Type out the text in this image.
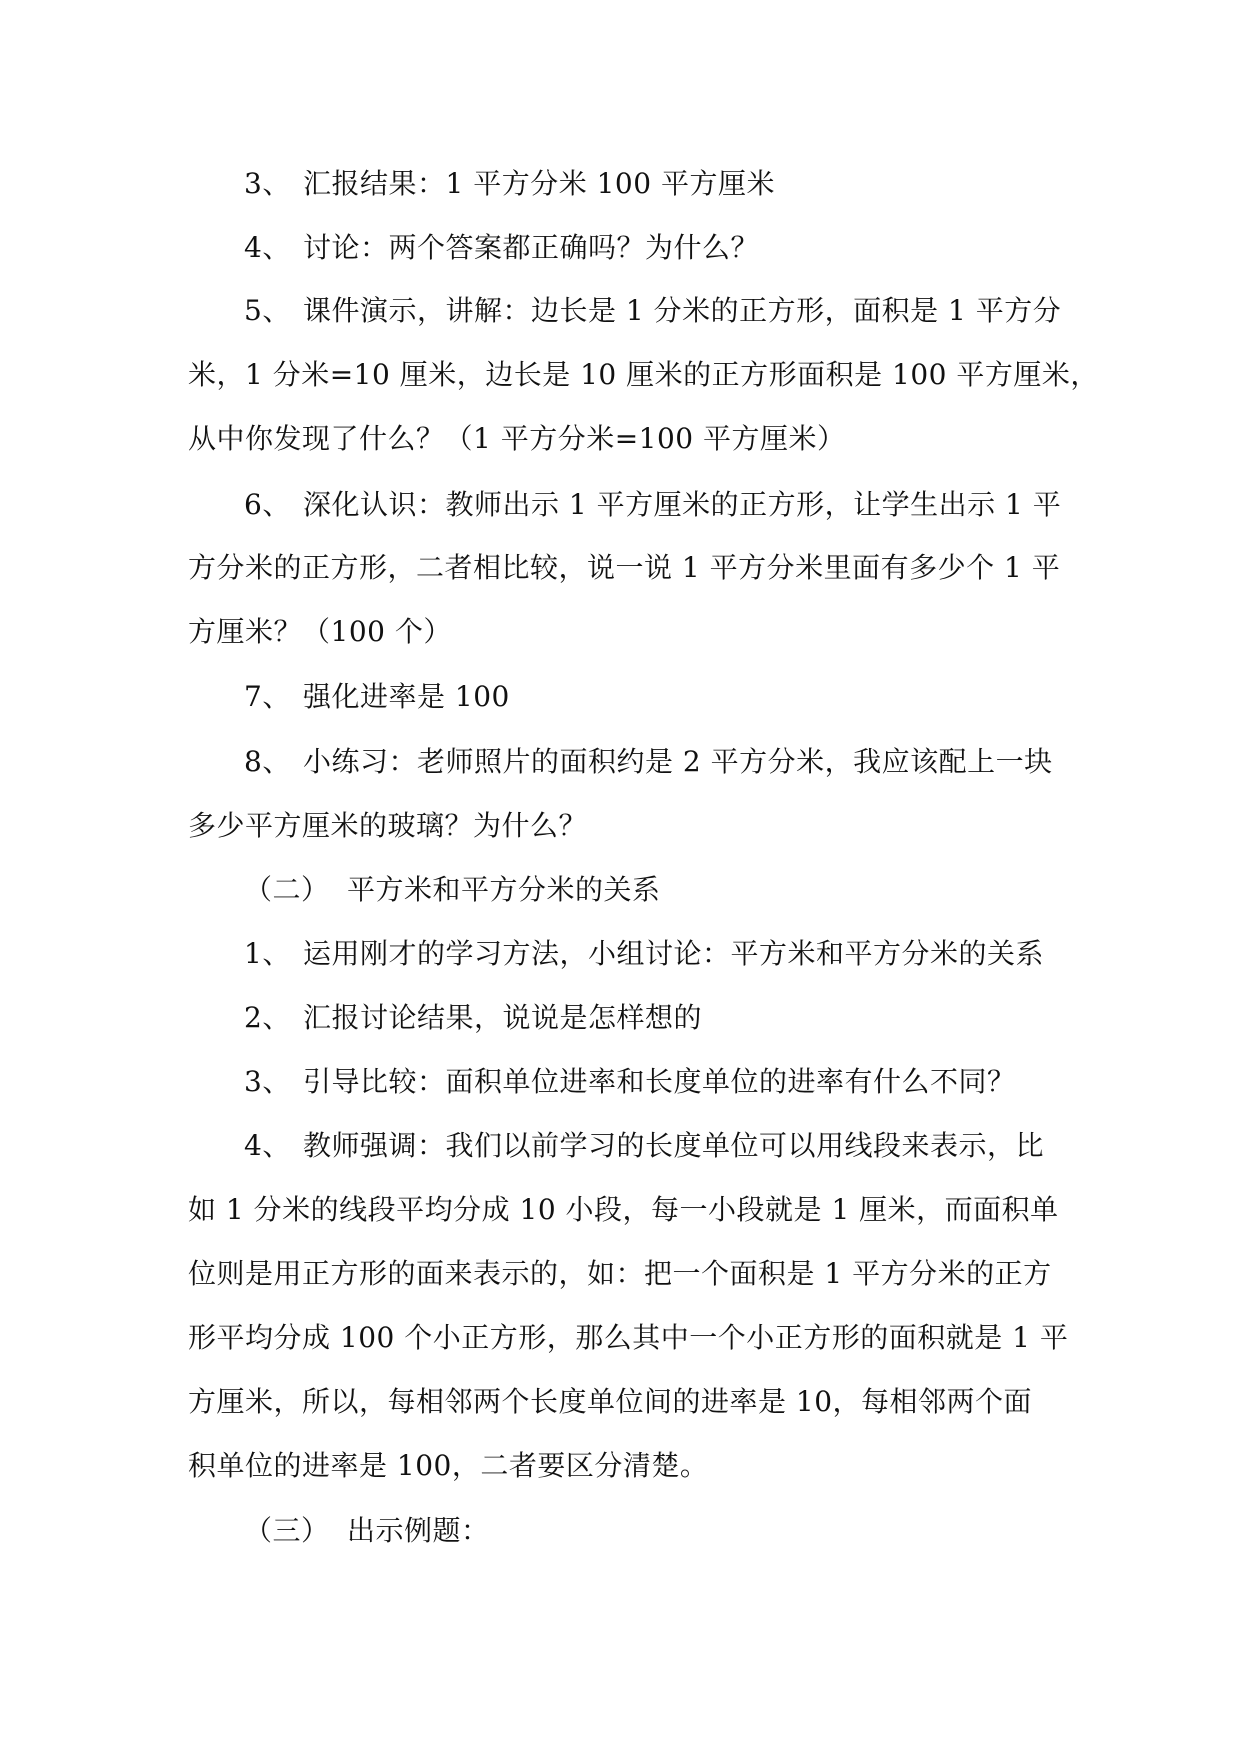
3、 汇报结果：1 平方分米 100 平方厘米
4、 讨论：两个答案都正确吗？为什么？
5、 课件演示，讲解：边长是 1 分米的正方形，面积是 1 平方分
米，1 分米=10 厘米，边长是 10 厘米的正方形面积是 100 平方厘米，
从中你发现了什么？（1 平方分米=100 平方厘米）
6、 深化认识：教师出示 1 平方厘米的正方形，让学生出示 1 平
方分米的正方形，二者相比较，说一说 1 平方分米里面有多少个 1 平
方厘米？（100 个）
7、 强化进率是 100
8、 小练习：老师照片的面积约是 2 平方分米，我应该配上一块
多少平方厘米的玻璃？为什么？
（二） 平方米和平方分米的关系
1、 运用刚才的学习方法，小组讨论：平方米和平方分米的关系
2、 汇报讨论结果，说说是怎样想的
3、 引导比较：面积单位进率和长度单位的进率有什么不同？
4、 教师强调：我们以前学习的长度单位可以用线段来表示，比
如 1 分米的线段平均分成 10 小段，每一小段就是 1 厘米，而面积单
位则是用正方形的面来表示的，如：把一个面积是 1 平方分米的正方
形平均分成 100 个小正方形，那么其中一个小正方形的面积就是 1 平
方厘米，所以，每相邻两个长度单位间的进率是 10，每相邻两个面
积单位的进率是 100，二者要区分清楚。
（三） 出示例题：
